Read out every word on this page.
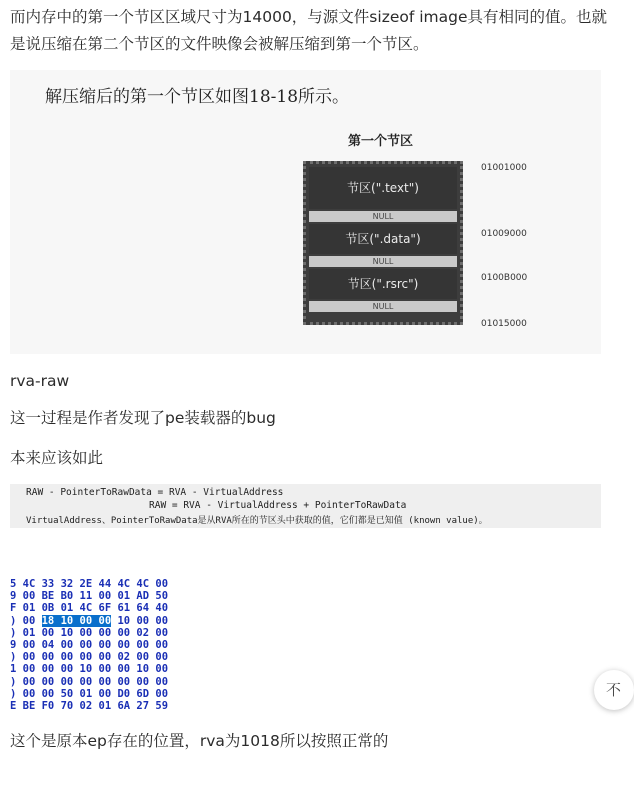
而内存中的第一个节区区域尺寸为14000，与源文件sizeof image具有相同的值。也就是说压缩在第二个节区的文件映像会被解压缩到第一个节区。
解压缩后的第一个节区如图18-18所示。
第一个节区
节区(".text")
NULL
节区(".data")
NULL
节区(".rsrc")
NULL
01001000
01009000
0100B000
01015000
rva-raw
这一过程是作者发现了pe装载器的bug
本来应该如此
RAW - PointerToRawData = RVA - VirtualAddress
RAW = RVA - VirtualAddress + PointerToRawData
VirtualAddress、PointerToRawData是从RVA所在的节区头中获取的值，它们都是已知值 (known value)。
5 4C 33 32 2E 44 4C 4C 00
9 00 BE B0 11 00 01 AD 50
F 01 0B 01 4C 6F 61 64 40
) 00 18 10 00 00 10 00 00
) 01 00 10 00 00 00 02 00
9 00 04 00 00 00 00 00 00
) 00 00 00 00 00 02 00 00
1 00 00 00 10 00 00 10 00
) 00 00 00 00 00 00 00 00
) 00 00 50 01 00 D0 6D 00
E BE F0 70 02 01 6A 27 59
这个是原本ep存在的位置，rva为1018所以按照正常的
不
